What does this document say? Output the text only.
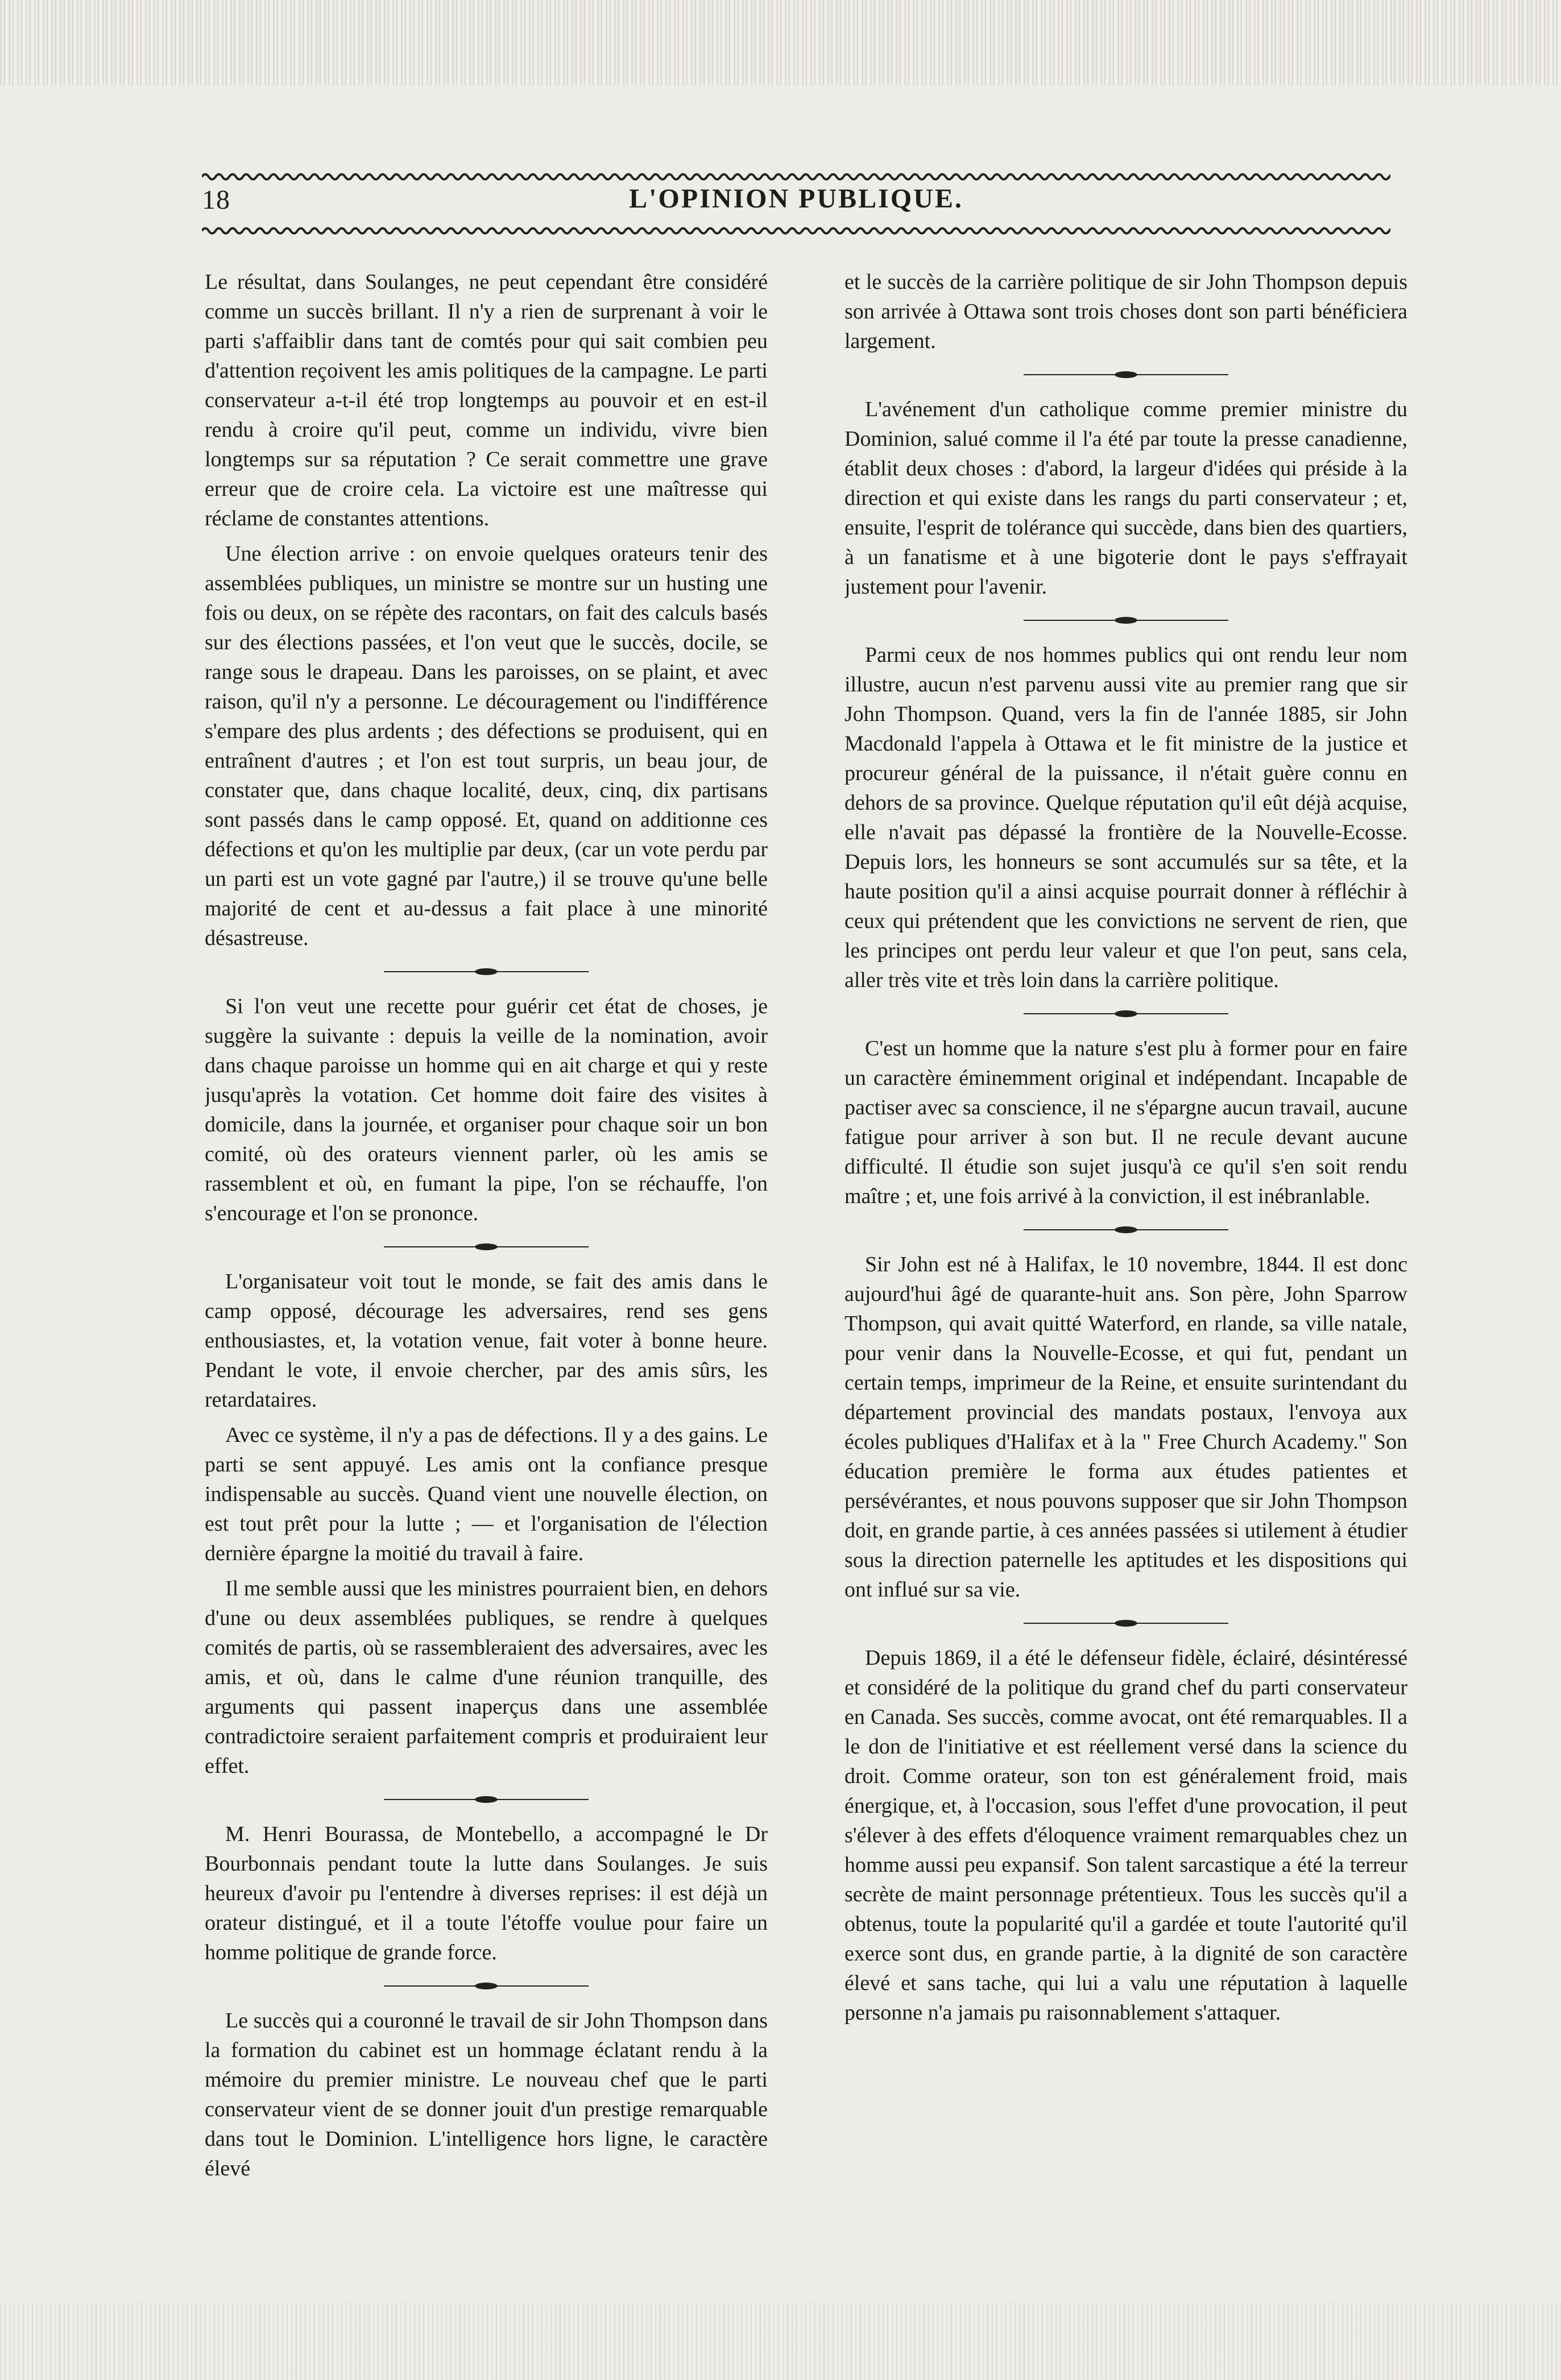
18	L'OPINION PUBLIQUE.

Le résultat, dans Soulanges, ne peut cependant être considéré comme un succès brillant. Il n'y a rien de surprenant à voir le parti s'affaiblir dans tant de comtés pour qui sait combien peu d'attention reçoivent les amis politiques de la campagne. Le parti conservateur a-t-il été trop longtemps au pouvoir et en est-il rendu à croire qu'il peut, comme un individu, vivre bien longtemps sur sa réputation ? Ce serait commettre une grave erreur que de croire cela. La victoire est une maîtresse qui réclame de constantes attentions.

Une élection arrive : on envoie quelques orateurs tenir des assemblées publiques, un ministre se montre sur un husting une fois ou deux, on se répète des racontars, on fait des calculs basés sur des élections passées, et l'on veut que le succès, docile, se range sous le drapeau. Dans les paroisses, on se plaint, et avec raison, qu'il n'y a personne. Le découragement ou l'indifférence s'empare des plus ardents ; des défections se produisent, qui en entraînent d'autres ; et l'on est tout surpris, un beau jour, de constater que, dans chaque localité, deux, cinq, dix partisans sont passés dans le camp opposé. Et, quand on additionne ces défections et qu'on les multiplie par deux, (car un vote perdu par un parti est un vote gagné par l'autre,) il se trouve qu'une belle majorité de cent et au-dessus a fait place à une minorité désastreuse.

Si l'on veut une recette pour guérir cet état de choses, je suggère la suivante : depuis la veille de la nomination, avoir dans chaque paroisse un homme qui en ait charge et qui y reste jusqu'après la votation. Cet homme doit faire des visites à domicile, dans la journée, et organiser pour chaque soir un bon comité, où des orateurs viennent parler, où les amis se rassemblent et où, en fumant la pipe, l'on se réchauffe, l'on s'encourage et l'on se prononce.

L'organisateur voit tout le monde, se fait des amis dans le camp opposé, décourage les adversaires, rend ses gens enthousiastes, et, la votation venue, fait voter à bonne heure. Pendant le vote, il envoie chercher, par des amis sûrs, les retardataires.

Avec ce système, il n'y a pas de défections. Il y a des gains. Le parti se sent appuyé. Les amis ont la confiance presque indispensable au succès. Quand vient une nouvelle élection, on est tout prêt pour la lutte ; — et l'organisation de l'élection dernière épargne la moitié du travail à faire.

Il me semble aussi que les ministres pourraient bien, en dehors d'une ou deux assemblées publiques, se rendre à quelques comités de partis, où se rassembleraient des adversaires, avec les amis, et où, dans le calme d'une réunion tranquille, des arguments qui passent inaperçus dans une assemblée contradictoire seraient parfaitement compris et produiraient leur effet.

M. Henri Bourassa, de Montebello, a accompagné le Dr Bourbonnais pendant toute la lutte dans Soulanges. Je suis heureux d'avoir pu l'entendre à diverses reprises: il est déjà un orateur distingué, et il a toute l'étoffe voulue pour faire un homme politique de grande force.

Le succès qui a couronné le travail de sir John Thompson dans la formation du cabinet est un hommage éclatant rendu à la mémoire du premier ministre. Le nouveau chef que le parti conservateur vient de se donner jouit d'un prestige remarquable dans tout le Dominion. L'intelligence hors ligne, le caractère élevé

et le succès de la carrière politique de sir John Thompson depuis son arrivée à Ottawa sont trois choses dont son parti bénéficiera largement.

L'avénement d'un catholique comme premier ministre du Dominion, salué comme il l'a été par toute la presse canadienne, établit deux choses : d'abord, la largeur d'idées qui préside à la direction et qui existe dans les rangs du parti conservateur ; et, ensuite, l'esprit de tolérance qui succède, dans bien des quartiers, à un fanatisme et à une bigoterie dont le pays s'effrayait justement pour l'avenir.

Parmi ceux de nos hommes publics qui ont rendu leur nom illustre, aucun n'est parvenu aussi vite au premier rang que sir John Thompson. Quand, vers la fin de l'année 1885, sir John Macdonald l'appela à Ottawa et le fit ministre de la justice et procureur général de la puissance, il n'était guère connu en dehors de sa province. Quelque réputation qu'il eût déjà acquise, elle n'avait pas dépassé la frontière de la Nouvelle-Ecosse. Depuis lors, les honneurs se sont accumulés sur sa tête, et la haute position qu'il a ainsi acquise pourrait donner à réfléchir à ceux qui prétendent que les convictions ne servent de rien, que les principes ont perdu leur valeur et que l'on peut, sans cela, aller très vite et très loin dans la carrière politique.

C'est un homme que la nature s'est plu à former pour en faire un caractère éminemment original et indépendant. Incapable de pactiser avec sa conscience, il ne s'épargne aucun travail, aucune fatigue pour arriver à son but. Il ne recule devant aucune difficulté. Il étudie son sujet jusqu'à ce qu'il s'en soit rendu maître ; et, une fois arrivé à la conviction, il est inébranlable.

Sir John est né à Halifax, le 10 novembre, 1844. Il est donc aujourd'hui âgé de quarante-huit ans. Son père, John Sparrow Thompson, qui avait quitté Waterford, en rlande, sa ville natale, pour venir dans la Nouvelle-Ecosse, et qui fut, pendant un certain temps, imprimeur de la Reine, et ensuite surintendant du département provincial des mandats postaux, l'envoya aux écoles publiques d'Halifax et à la " Free Church Academy." Son éducation première le forma aux études patientes et persévérantes, et nous pouvons supposer que sir John Thompson doit, en grande partie, à ces années passées si utilement à étudier sous la direction paternelle les aptitudes et les dispositions qui ont influé sur sa vie.

Depuis 1869, il a été le défenseur fidèle, éclairé, désintéressé et considéré de la politique du grand chef du parti conservateur en Canada. Ses succès, comme avocat, ont été remarquables. Il a le don de l'initiative et est réellement versé dans la science du droit. Comme orateur, son ton est généralement froid, mais énergique, et, à l'occasion, sous l'effet d'une provocation, il peut s'élever à des effets d'éloquence vraiment remarquables chez un homme aussi peu expansif. Son talent sarcastique a été la terreur secrète de maint personnage prétentieux. Tous les succès qu'il a obtenus, toute la popularité qu'il a gardée et toute l'autorité qu'il exerce sont dus, en grande partie, à la dignité de son caractère élevé et sans tache, qui lui a valu une réputation à laquelle personne n'a jamais pu raisonnablement s'attaquer.
